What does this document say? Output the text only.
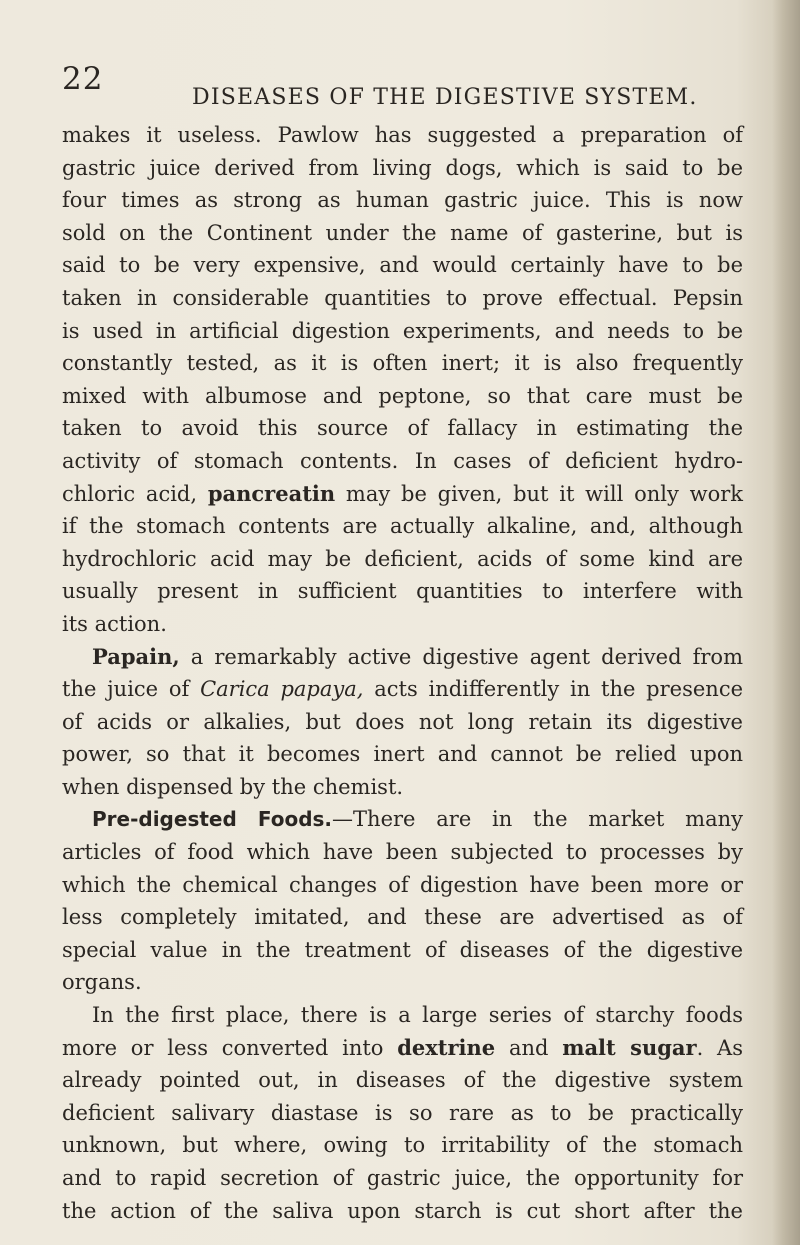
22
DISEASES OF THE DIGESTIVE SYSTEM.
makes it useless. Pawlow has suggested a preparation of
gastric juice derived from living dogs, which is said to be
four times as strong as human gastric juice. This is now
sold on the Continent under the name of gasterine, but is
said to be very expensive, and would certainly have to be
taken in considerable quantities to prove effectual. Pepsin
is used in artificial digestion experiments, and needs to be
constantly tested, as it is often inert; it is also frequently
mixed with albumose and peptone, so that care must be
taken to avoid this source of fallacy in estimating the
activity of stomach contents. In cases of deficient hydro-
chloric acid, pancreatin may be given, but it will only work
if the stomach contents are actually alkaline, and, although
hydrochloric acid may be deficient, acids of some kind are
usually present in sufficient quantities to interfere with
its action.
Papain, a remarkably active digestive agent derived from
the juice of Carica papaya, acts indifferently in the presence
of acids or alkalies, but does not long retain its digestive
power, so that it becomes inert and cannot be relied upon
when dispensed by the chemist.
Pre-digested Foods.—There are in the market many
articles of food which have been subjected to processes by
which the chemical changes of digestion have been more or
less completely imitated, and these are advertised as of
special value in the treatment of diseases of the digestive
organs.
In the first place, there is a large series of starchy foods
more or less converted into dextrine and malt sugar. As
already pointed out, in diseases of the digestive system
deficient salivary diastase is so rare as to be practically
unknown, but where, owing to irritability of the stomach
and to rapid secretion of gastric juice, the opportunity for
the action of the saliva upon starch is cut short after the
